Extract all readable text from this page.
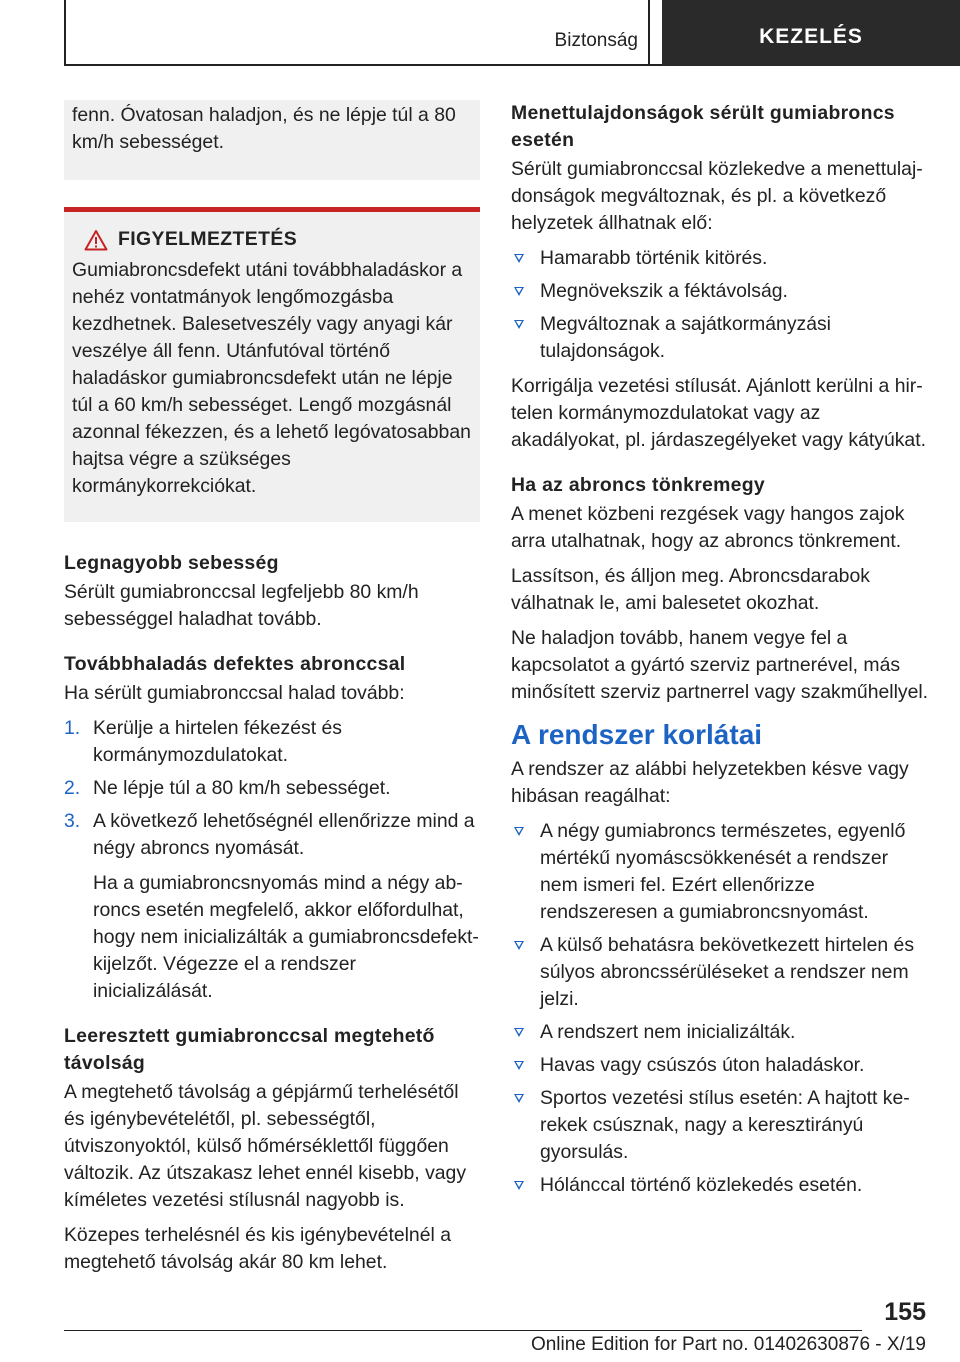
Biztonság	KEZELÉS

fenn. Óvatosan haladjon, és ne lépje túl a 80 km/h sebességet.

FIGYELMEZTETÉS

Gumiabroncsdefekt utáni továbbhaladáskor a nehéz vontatmányok lengőmozgásba kezdhetnek. Balesetveszély vagy anyagi kár veszélye áll fenn. Utánfutóval történő haladáskor gumiabroncsdefekt után ne lépje túl a 60 km/h sebességet. Lengő mozgásnál azonnal fékezzen, és a lehető legóvatosabban hajtsa végre a szükséges kormánykorrekciókat.

Legnagyobb sebesség

Sérült gumiabronccsal legfeljebb 80 km/h sebességgel haladhat tovább.

Továbbhaladás defektes abronccsal

Ha sérült gumiabronccsal halad tovább:

1. Kerülje a hirtelen fékezést és kormánymozdulatokat.
2. Ne lépje túl a 80 km/h sebességet.
3. A következő lehetőségnél ellenőrizze mind a négy abroncs nyomását.

Ha a gumiabroncsnyomás mind a négy abroncs esetén megfelelő, akkor előfordulhat, hogy nem inicializálták a gumiabroncsdefektkijelzőt. Végezze el a rendszer inicializálását.

Leeresztett gumiabronccsal megtehető távolság

A megtehető távolság a gépjármű terhelésétől és igénybevételétől, pl. sebességtől, útviszonyoktól, külső hőmérséklettől függően változik. Az útszakasz lehet ennél kisebb, vagy kíméletes vezetési stílusnál nagyobb is.

Közepes terhelésnél és kis igénybevételnél a megtehető távolság akár 80 km lehet.

Menettulajdonságok sérült gumiabroncs esetén

Sérült gumiabronccsal közlekedve a menettulajdonságok megváltoznak, és pl. a következő helyzetek állhatnak elő:

Hamarabb történik kitörés.
Megnövekszik a féktávolság.
Megváltoznak a sajátkormányzási tulajdonságok.

Korrigálja vezetési stílusát. Ajánlott kerülni a hirtelen kormánymozdulatokat vagy az akadályokat, pl. járdaszegélyeket vagy kátyúkat.

Ha az abroncs tönkremegy

A menet közbeni rezgések vagy hangos zajok arra utalhatnak, hogy az abroncs tönkrement.

Lassítson, és álljon meg. Abroncsdarabok válhatnak le, ami balesetet okozhat.

Ne haladjon tovább, hanem vegye fel a kapcsolatot a gyártó szerviz partnerével, más minősített szerviz partnerrel vagy szakműhellyel.

A rendszer korlátai

A rendszer az alábbi helyzetekben késve vagy hibásan reagálhat:

A négy gumiabroncs természetes, egyenlő mértékű nyomáscsökkenését a rendszer nem ismeri fel. Ezért ellenőrizze rendszeresen a gumiabroncsnyomást.
A külső behatásra bekövetkezett hirtelen és súlyos abroncssérüléseket a rendszer nem jelzi.
A rendszert nem inicializálták.
Havas vagy csúszós úton haladáskor.
Sportos vezetési stílus esetén: A hajtott kerekek csúsznak, nagy a keresztirányú gyorsulás.
Hólánccal történő közlekedés esetén.
155
Online Edition for Part no. 01402630876 - X/19
